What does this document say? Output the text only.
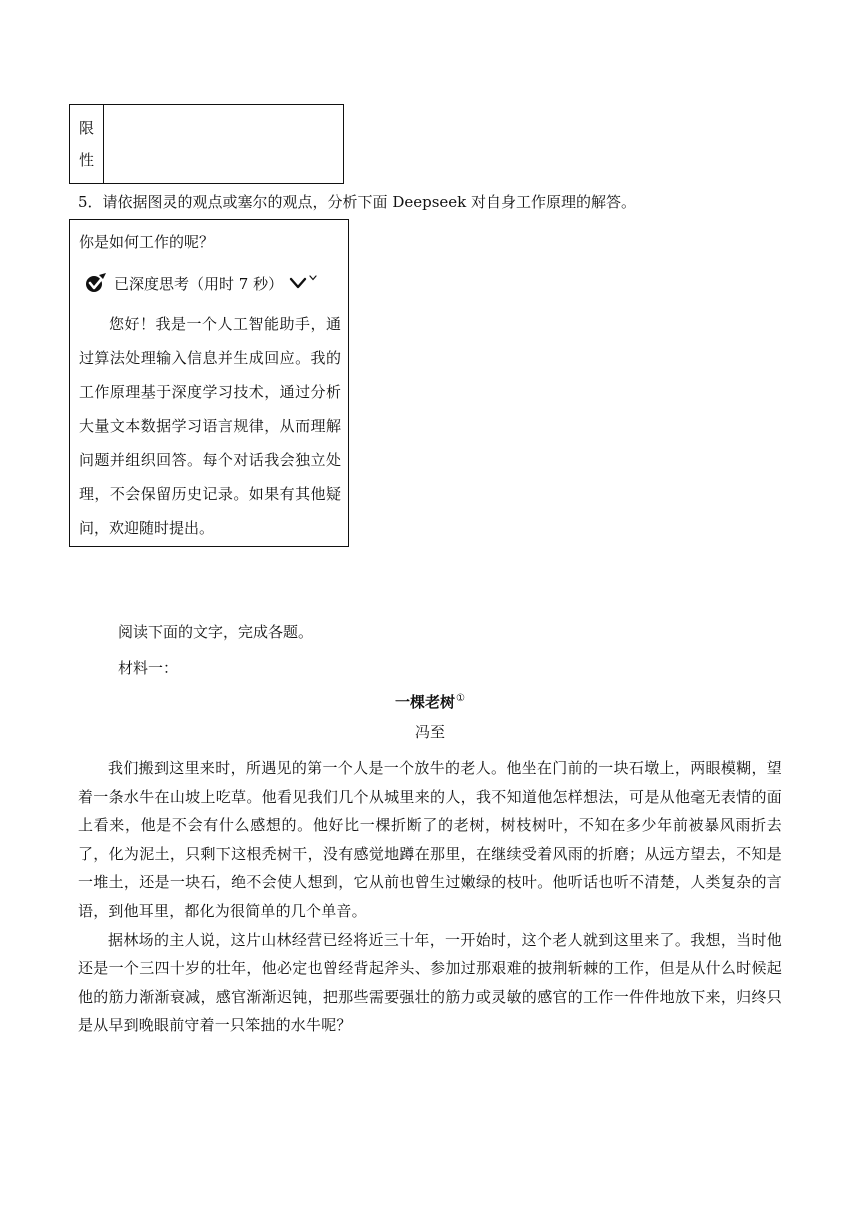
限
性
5．请依据图灵的观点或塞尔的观点，分析下面 Deepseek 对自身工作原理的解答。
你是如何工作的呢？
已深度思考（用时 7 秒）
您好！我是一个人工智能助手，通过算法处理输入信息并生成回应。我的工作原理基于深度学习技术，通过分析大量文本数据学习语言规律，从而理解问题并组织回答。每个对话我会独立处理，不会保留历史记录。如果有其他疑问，欢迎随时提出。
阅读下面的文字，完成各题。
材料一：
一棵老树①
冯至

我们搬到这里来时，所遇见的第一个人是一个放牛的老人。他坐在门前的一块石墩上，两眼模糊，望着一条水牛在山坡上吃草。他看见我们几个从城里来的人，我不知道他怎样想法，可是从他毫无表情的面上看来，他是不会有什么感想的。他好比一棵折断了的老树，树枝树叶，不知在多少年前被暴风雨折去了，化为泥土，只剩下这根秃树干，没有感觉地蹲在那里，在继续受着风雨的折磨；从远方望去，不知是一堆土，还是一块石，绝不会使人想到，它从前也曾生过嫩绿的枝叶。他听话也听不清楚，人类复杂的言语，到他耳里，都化为很简单的几个单音。

据林场的主人说，这片山林经营已经将近三十年，一开始时，这个老人就到这里来了。我想，当时他还是一个三四十岁的壮年，他必定也曾经背起斧头、参加过那艰难的披荆斩棘的工作，但是从什么时候起他的筋力渐渐衰减，感官渐渐迟钝，把那些需要强壮的筋力或灵敏的感官的工作一件件地放下来，归终只是从早到晚眼前守着一只笨拙的水牛呢？
